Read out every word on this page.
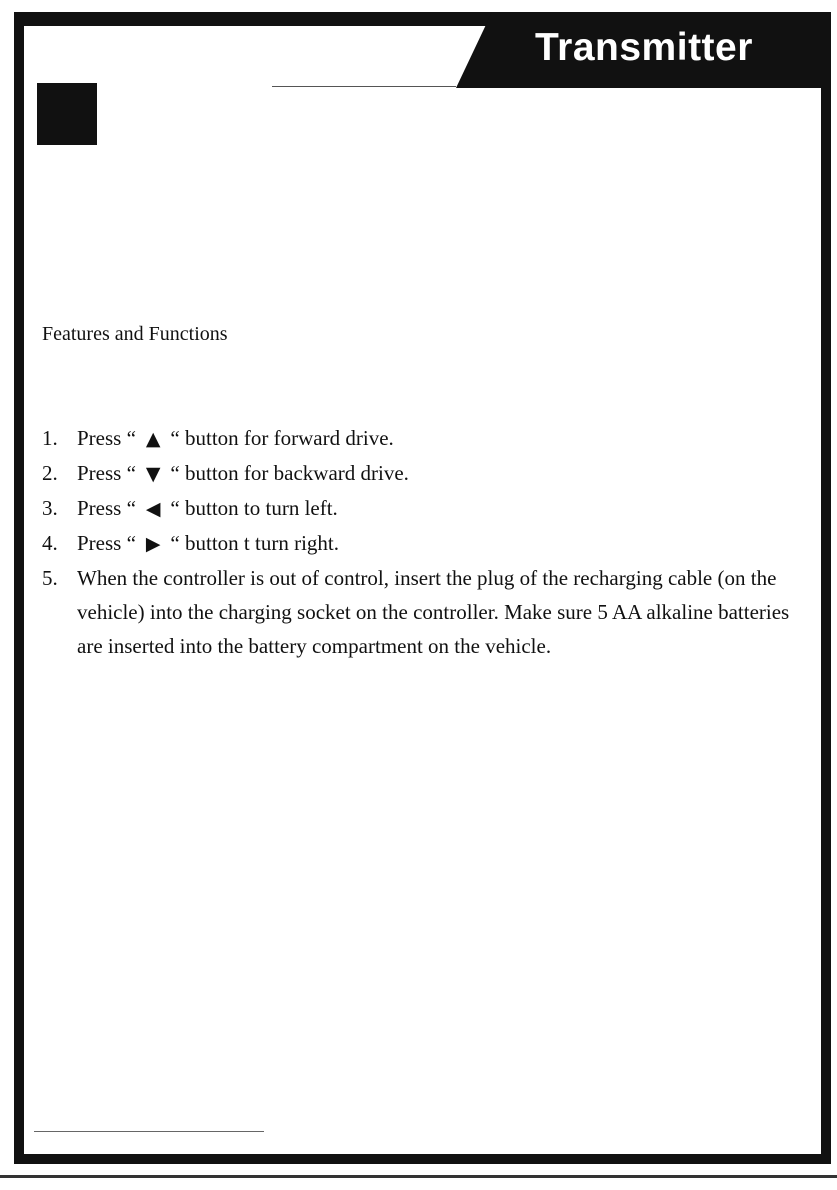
Transmitter
Features and Functions
1. Press “ ▲ “ button for forward drive.
2. Press “ ▼ “ button for backward drive.
3. Press “ ◀ “ button to turn left.
4. Press “ ▶ “ button t turn right.
5. When the controller is out of control, insert the plug of the recharging cable (on the vehicle) into the charging socket on the controller. Make sure 5 AA alkaline batteries are inserted into the battery compartment on the vehicle.
